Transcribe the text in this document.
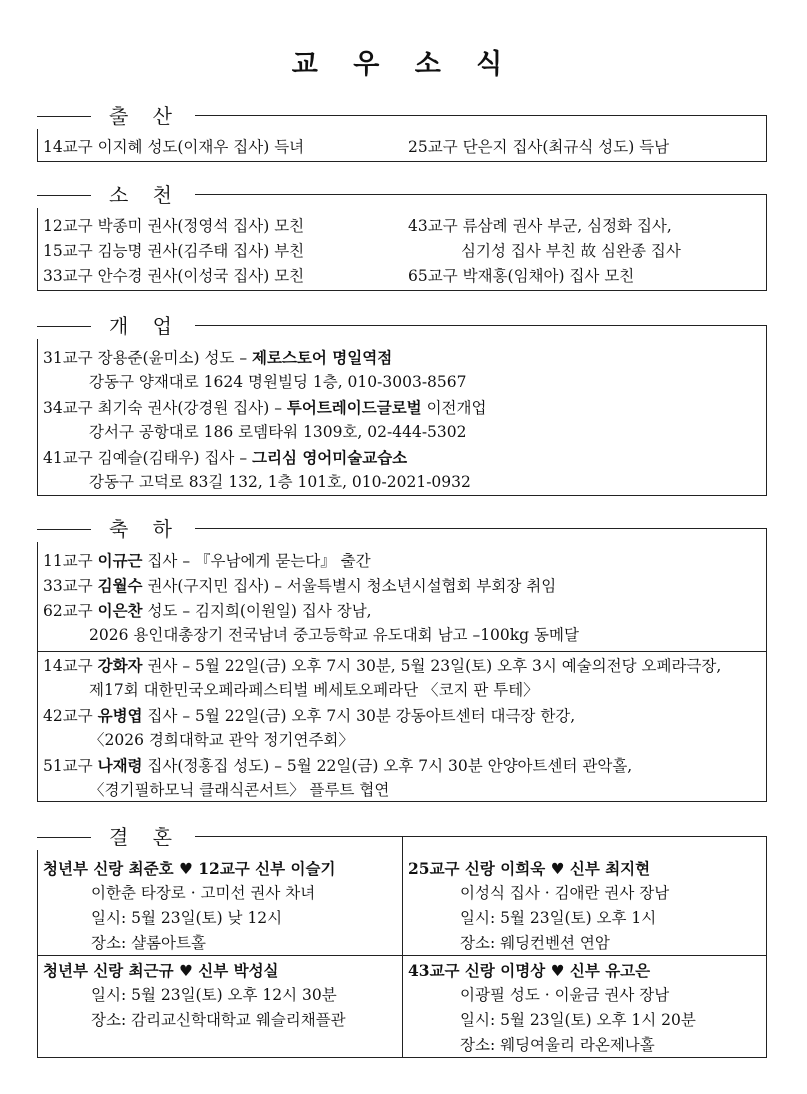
교 우 소 식
출 산
14교구 이지혜 성도(이재우 집사) 득녀	25교구 단은지 집사(최규식 성도) 득남
소 천
12교구 박종미 권사(정영석 집사) 모친
15교구 김능명 권사(김주태 집사) 부친
33교구 안수경 권사(이성국 집사) 모친
43교구 류삼례 권사 부군, 심정화 집사,
심기성 집사 부친 故 심완종 집사
65교구 박재홍(임채아) 집사 모친
개 업
31교구 장용준(윤미소) 성도 – 제로스토어 명일역점
강동구 양재대로 1624 명원빌딩 1층, 010-3003-8567
34교구 최기숙 권사(강경원 집사) – 투어트레이드글로벌 이전개업
강서구 공항대로 186 로뎀타워 1309호, 02-444-5302
41교구 김예슬(김태우) 집사 – 그리심 영어미술교습소
강동구 고덕로 83길 132, 1층 101호, 010-2021-0932
축 하
11교구 이규근 집사 – 『우남에게 묻는다』 출간
33교구 김월수 권사(구지민 집사) – 서울특별시 청소년시설협회 부회장 취임
62교구 이은찬 성도 – 김지희(이원일) 집사 장남,
2026 용인대총장기 전국남녀 중고등학교 유도대회 남고 –100kg 동메달
14교구 강화자 권사 – 5월 22일(금) 오후 7시 30분, 5월 23일(토) 오후 3시 예술의전당 오페라극장,
제17회 대한민국오페라페스티벌 베세토오페라단 〈코지 판 투테〉
42교구 유병엽 집사 – 5월 22일(금) 오후 7시 30분 강동아트센터 대극장 한강,
〈2026 경희대학교 관악 정기연주회〉
51교구 나재령 집사(정홍집 성도) – 5월 22일(금) 오후 7시 30분 안양아트센터 관악홀,
〈경기필하모닉 클래식콘서트〉 플루트 협연
결 혼
청년부 신랑 최준호 ♥ 12교구 신부 이슬기
이한춘 타장로 · 고미선 권사 차녀
일시: 5월 23일(토) 낮 12시
장소: 샬롬아트홀
25교구 신랑 이희욱 ♥ 신부 최지현
이성식 집사 · 김애란 권사 장남
일시: 5월 23일(토) 오후 1시
장소: 웨딩컨벤션 연암
청년부 신랑 최근규 ♥ 신부 박성실
일시: 5월 23일(토) 오후 12시 30분
장소: 감리교신학대학교 웨슬리채플관
43교구 신랑 이명상 ♥ 신부 유고은
이광필 성도 · 이윤금 권사 장남
일시: 5월 23일(토) 오후 1시 20분
장소: 웨딩여울리 라온제나홀
